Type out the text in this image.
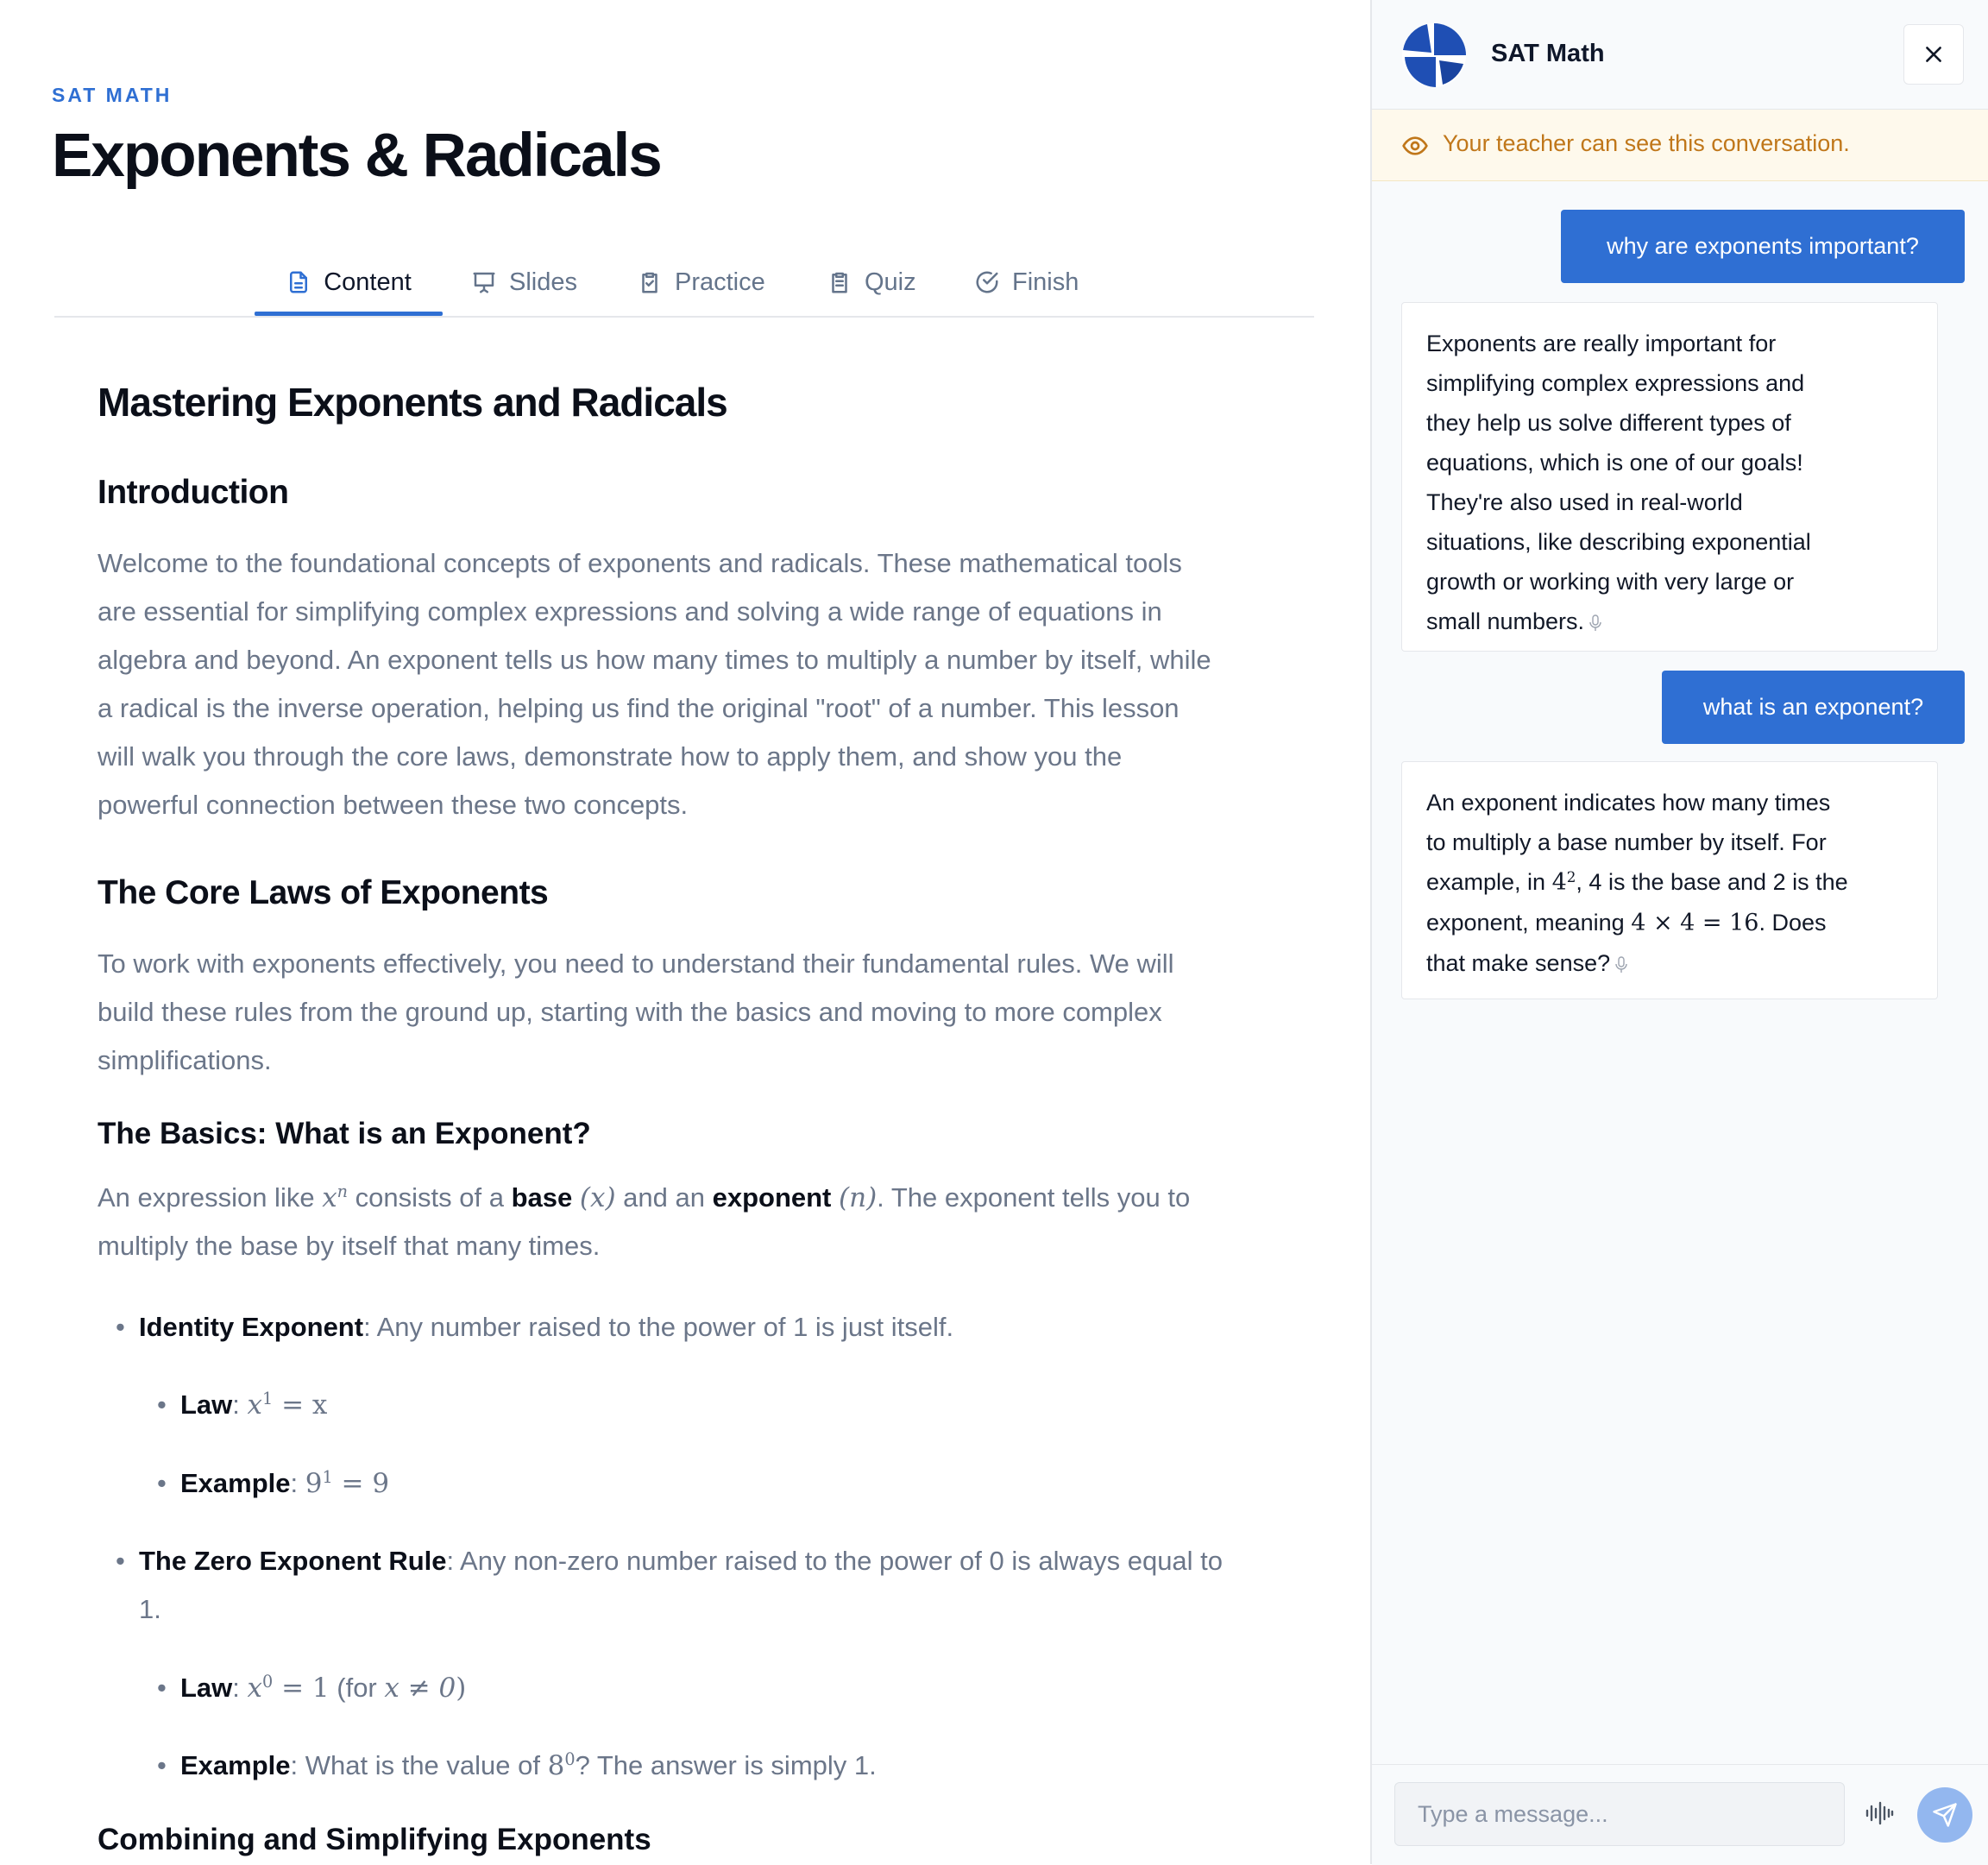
SAT MATH
Exponents & Radicals
Content	Slides	Practice	Quiz	Finish
Mastering Exponents and Radicals
Introduction

Welcome to the foundational concepts of exponents and radicals. These mathematical tools

are essential for simplifying complex expressions and solving a wide range of equations in

algebra and beyond. An exponent tells us how many times to multiply a number by itself, while

a radical is the inverse operation, helping us find the original "root" of a number. This lesson

will walk you through the core laws, demonstrate how to apply them, and show you the

powerful connection between these two concepts.

The Core Laws of Exponents

To work with exponents effectively, you need to understand their fundamental rules. We will

build these rules from the ground up, starting with the basics and moving to more complex

simplifications.

The Basics: What is an Exponent?

An expression like $x^n$ consists of a base (x) and an exponent (n). The exponent tells you to

multiply the base by itself that many times.

• Identity Exponent: Any number raised to the power of 1 is just itself.
• Law: $x^1 = x$
• Example: $9^1 = 9$
• The Zero Exponent Rule: Any non-zero number raised to the power of 0 is always equal to
1.
• Law: $x^0 = 1$ (for x ≠ 0)
• Example: What is the value of $8^0$? The answer is simply 1.
Combining and Simplifying Exponents
SAT Math
Your teacher can see this conversation.
why are exponents important?
Exponents are really important for
simplifying complex expressions and
they help us solve different types of
equations, which is one of our goals!
They're also used in real-world
situations, like describing exponential
growth or working with very large or
small numbers.
what is an exponent?
An exponent indicates how many times
to multiply a base number by itself. For
example, in $4^2$, 4 is the base and 2 is the
exponent, meaning 4 × 4 = 16. Does
that make sense?
Type a message...
